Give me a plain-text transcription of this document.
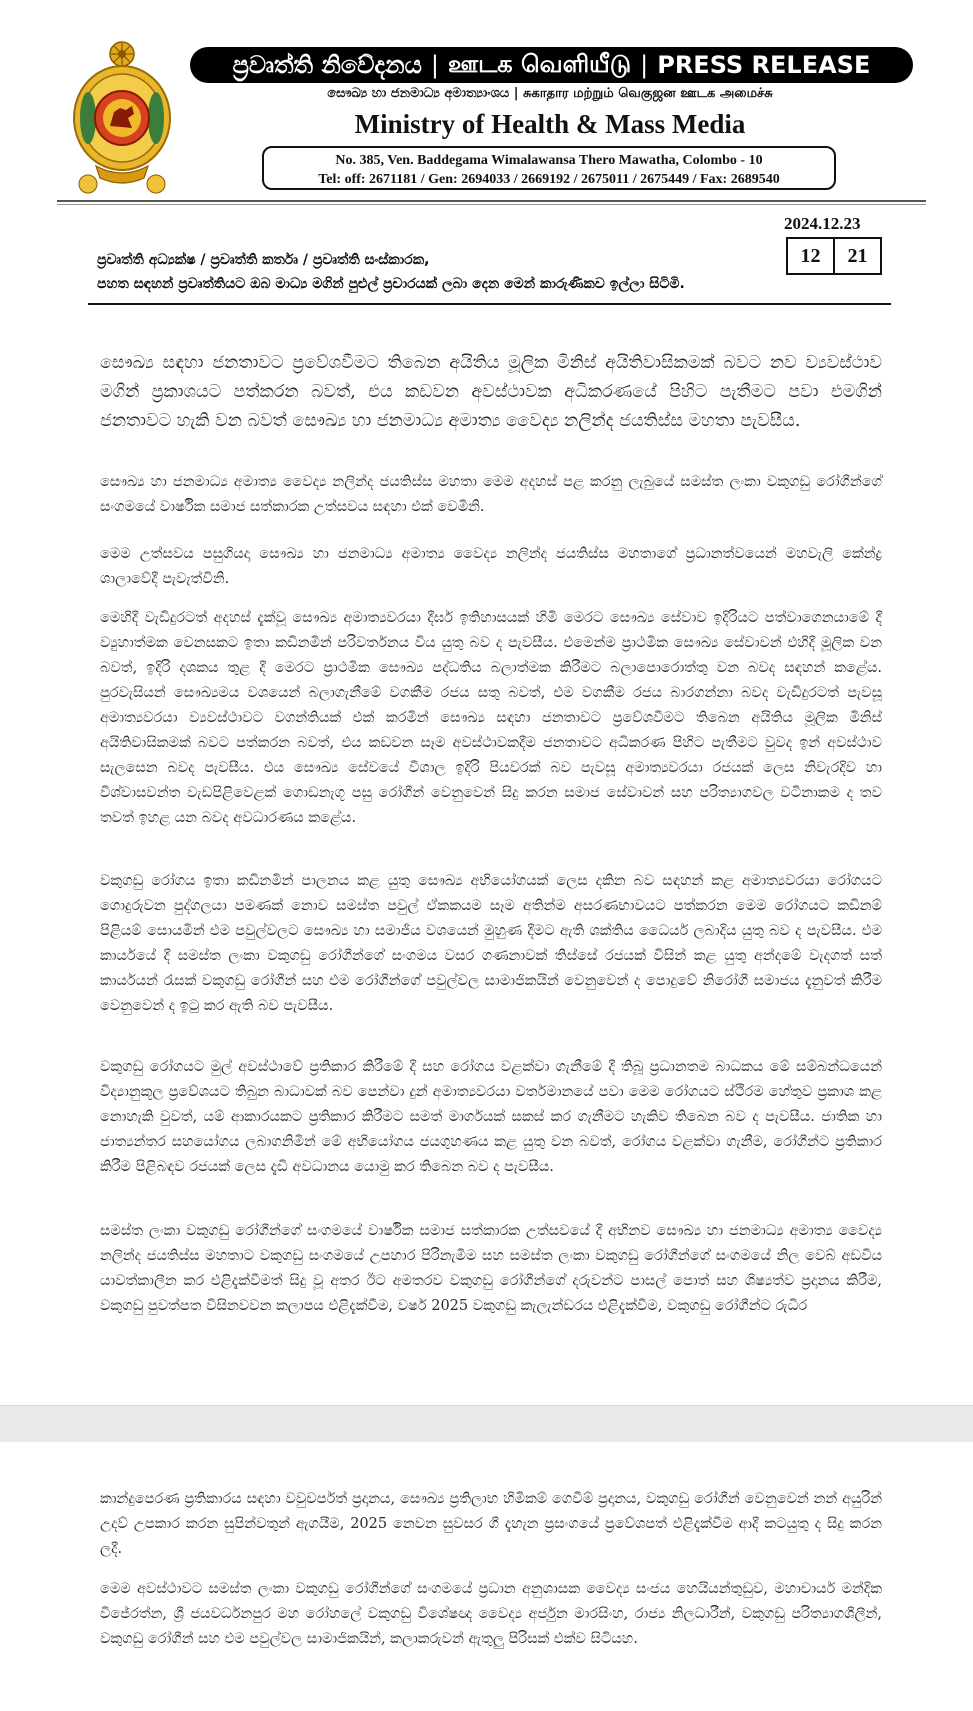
ප්‍රවෘත්ති නිවේදනය | ஊடக வெளியீடு | PRESS RELEASE
සෞඛ්‍ය හා ජනමාධ්‍ය අමාත්‍යාංශය | சுகாதார மற்றும் வெகுஜன ஊடக அமைச்சு
Ministry of Health & Mass Media
No. 385, Ven. Baddegama Wimalawansa Thero Mawatha, Colombo - 10
Tel: off: 2671181 / Gen: 2694033 / 2669192 / 2675011 / 2675449 / Fax: 2689540
2024.12.23
12	21
ප්‍රවෘත්ති අධ්‍යක්ෂ / ප්‍රවෘත්ති කර්තෘ / ප්‍රවෘත්ති සංස්කාරක,
පහත සඳහන් ප්‍රවෘත්තියට ඔබ මාධ්‍ය මගින් පුළුල් ප්‍රචාරයක් ලබා දෙන මෙන් කාරුණිකව ඉල්ලා සිටිමි.
සෞඛ්‍ය සඳහා ජනතාවට ප්‍රවේශවීමට තිබෙන අයිතිය මූලික මිනිස් අයිතිවාසිකමක් බවට නව ව්‍යවස්ථාව මගින් ප්‍රකාශයට පත්කරන බවත්, එය කඩවන අවස්ථාවක අධිකරණයේ පිහිට පැතීමට පවා එමගින් ජනතාවට හැකි වන බවත් සෞඛ්‍ය හා ජනමාධ්‍ය අමාත්‍ය වෛද්‍ය නලින්ද ජයතිස්ස මහතා පැවසීය.
සෞඛ්‍ය හා ජනමාධ්‍ය අමාත්‍ය වෛද්‍ය නලින්ද ජයතිස්ස මහතා මෙම අදහස් පළ කරනු ලැබුයේ සමස්ත ලංකා වකුගඩු රෝගීන්ගේ සංගමයේ වාර්ෂික සමාජ සත්කාරක උත්සවය සඳහා එක් වෙමිනි.
මෙම උත්සවය පසුගියදා සෞඛ්‍ය හා ජනමාධ්‍ය අමාත්‍ය වෛද්‍ය නලින්ද ජයතිස්ස මහතාගේ ප්‍රධානත්වයෙන් මහවැලි කේන්ද්‍ර ශාලාවේදී පැවැත්විනි.
මෙහිදී වැඩිදුරටත් අදහස් දැක්වූ සෞඛ්‍ය අමාත්‍යවරයා දීර්ඝ ඉතිහාසයක් හිමි මෙරට සෞඛ්‍ය සේවාව ඉදිරියට පත්වාගෙනයාමේ දී ව්‍යුහාත්මක වෙනසකට ඉතා කඩිනමින් පරිවර්තනය විය යුතු බව ද පැවසීය. එමෙන්ම ප්‍රාථමික සෞඛ්‍ය සේවාවන් එහිදී මූලික වන බවත්, ඉදිරි දශකය තුළ දී මෙරට ප්‍රාථමික සෞඛ්‍ය පද්ධතිය බලාත්මක කිරීමට බලාපොරොත්තු වන බවද සඳහන් කළේය. පුරවැසියන් සෞඛ්‍යමය වශයෙන් බලාගැනීමේ වගකීම රජය සතු බවත්, එම වගකීම රජය බාරගන්නා බවද වැඩිදුරටත් පැවසූ අමාත්‍යවරයා ව්‍යවස්ථාවට වගන්තියක් එක් කරමින් සෞඛ්‍ය සඳහා ජනතාවට ප්‍රවේශවීමට තිබෙන අයිතිය මූලික මිනිස් අයිතිවාසිකමක් බවට පත්කරන බවත්, එය කඩවන සෑම අවස්ථාවකදීම ජනතාවට අධිකරණ පිහිට පැතීමට වුවද ඉන් අවස්ථාව සැලසෙන බවද පැවසීය. එය සෞඛ්‍ය සේවයේ විශාල ඉදිරි පියවරක් බව පැවසූ අමාත්‍යවරයා රජයක් ලෙස නිවැරදිව හා විශ්වාසවන්ත වැඩපිළිවෙළක් ගොඩනැගූ පසු රෝගීන් වෙනුවෙන් සිදු කරන සමාජ සේවාවන් සහ පරිත්‍යාගවල වටිනාකම ද තව තවත් ඉහළ යන බවද අවධාරණය කළේය.
වකුගඩු රෝගය ඉතා කඩිනමින් පාලනය කළ යුතු සෞඛ්‍ය අභියෝගයක් ලෙස දකින බව සඳහන් කළ අමාත්‍යවරයා රෝගයට ගොදුරුවන පුද්ගලයා පමණක් නොව සමස්ත පවුල් ඒකකයම සෑම අතින්ම අසරණභාවයට පත්කරන මෙම රෝගයට කඩිනම් පිළියම් සොයමින් එම පවුල්වලට සෞඛ්‍ය හා සමාජීය වශයෙන් මුහුණ දීමට ඇති ශක්තිය ධෛර්ය ලබාදිය යුතු බව ද පැවසීය. එම කාර්යයේ දී සමස්ත ලංකා වකුගඩු රෝගීන්ගේ සංගමය වසර ගණනාවක් තිස්සේ රජයක් විසින් කළ යුතු අන්දමේ වැදගත් සත් කාර්යයන් රැසක් වකුගඩු රෝගීන් සහ එම රෝගීන්ගේ පවුල්වල සාමාජිකයින් වෙනුවෙන් ද පොදුවේ නිරෝගී සමාජය දැනුවත් කිරීම වෙනුවෙන් ද ඉටු කර ඇති බව පැවසීය.
වකුගඩු රෝගයට මුල් අවස්ථාවේ ප්‍රතිකාර කිරීමේ දී සහ රෝගය වළක්වා ගැනීමේ දී තිබූ ප්‍රධානතම බාධකය මේ සම්බන්ධයෙන් විද්‍යානුකූල ප්‍රවේශයට තිබුන බාධාවක් බව පෙන්වා දුන් අමාත්‍යවරයා වර්තමානයේ පවා මෙම රෝගයට ස්ථිරම හේතුව ප්‍රකාශ කළ නොහැකි වුවත්, යම් ආකාරයකට ප්‍රතිකාර කිරීමට සමත් මාර්ගයක් සකස් කර ගැනීමට හැකිව තිබෙන බව ද පැවසීය. ජාතික හා ජාත්‍යන්තර සහයෝගය ලබාගනිමින් මේ අභියෝගය ජයගුහණය කළ යුතු වන බවත්, රෝගය වළක්වා ගැනීම, රෝගීන්ට ප්‍රතිකාර කිරීම පිළිබඳව රජයක් ලෙස දැඩි අවධානය යොමු කර තිබෙන බව ද පැවසීය.
සමස්ත ලංකා වකුගඩු රෝගීන්ගේ සංගමයේ වාර්ෂික සමාජ සත්කාරක උත්සවයේ දී අභිනව සෞඛ්‍ය හා ජනමාධ්‍ය අමාත්‍ය වෛද්‍ය නලින්ද ජයතිස්ස මහතාට වකුගඩු සංගමයේ උපහාර පිරිනැමීම සහ සමස්ත ලංකා වකුගඩු රෝගීන්ගේ සංගමයේ නිල වෙබ් අඩවිය යාවත්කාලීන කර එළිදැක්වීමත් සිදු වූ අතර ඊට අමතරව වකුගඩු රෝගීන්ගේ දරුවන්ට පාසල් පොත් සහ ශිෂ්‍යත්ව ප්‍රදානය කිරීම, වකුගඩු පුවත්පත විසිනවවන කලාපය එළිදැක්වීම, වර්ෂ 2025 වකුගඩු කැලැන්ඩරය එළිදැක්වීම, වකුගඩු රෝගීන්ට රුධිර
කාන්දුපෙරණ ප්‍රතිකාරය සඳහා වවුචර්පත් ප්‍රදානය, සෞඛ්‍ය ප්‍රතිලාභ හිමිකම් ගෙවීම් ප්‍රදානය, වකුගඩු රෝගීන් වෙනුවෙන් නන් අයුරින් උදව් උපකාර කරන සුපින්වතුන් ඇගයීම, 2025 නෙවන සුවසර ගී දැහැන ප්‍රසංගයේ ප්‍රවේශපත් එළිදැක්වීම ආදී කටයුතු ද සිදු කරන ලදී.
මෙම අවස්ථාවට සමස්ත ලංකා වකුගඩු රෝගීන්ගේ සංගමයේ ප්‍රධාන අනුශාසක වෛද්‍ය සංජය හෙයියන්තුඩුව, මහාචාර්ය මන්දික විජේරත්න, ශ්‍රී ජයවර්ධනපුර මහ රෝහලේ වකුගඩු විශේෂඥ වෛද්‍ය අර්ජුන මාරසිංහ, රාජ්‍ය නිලධාරීන්, වකුගඩු පරිත්‍යාගශීලීන්, වකුගඩු රෝගීන් සහ එම පවුල්වල සාමාජිකයින්, කලාකරුවන් ඇතුලු පිරිසක් එක්ව සිටියහ.
